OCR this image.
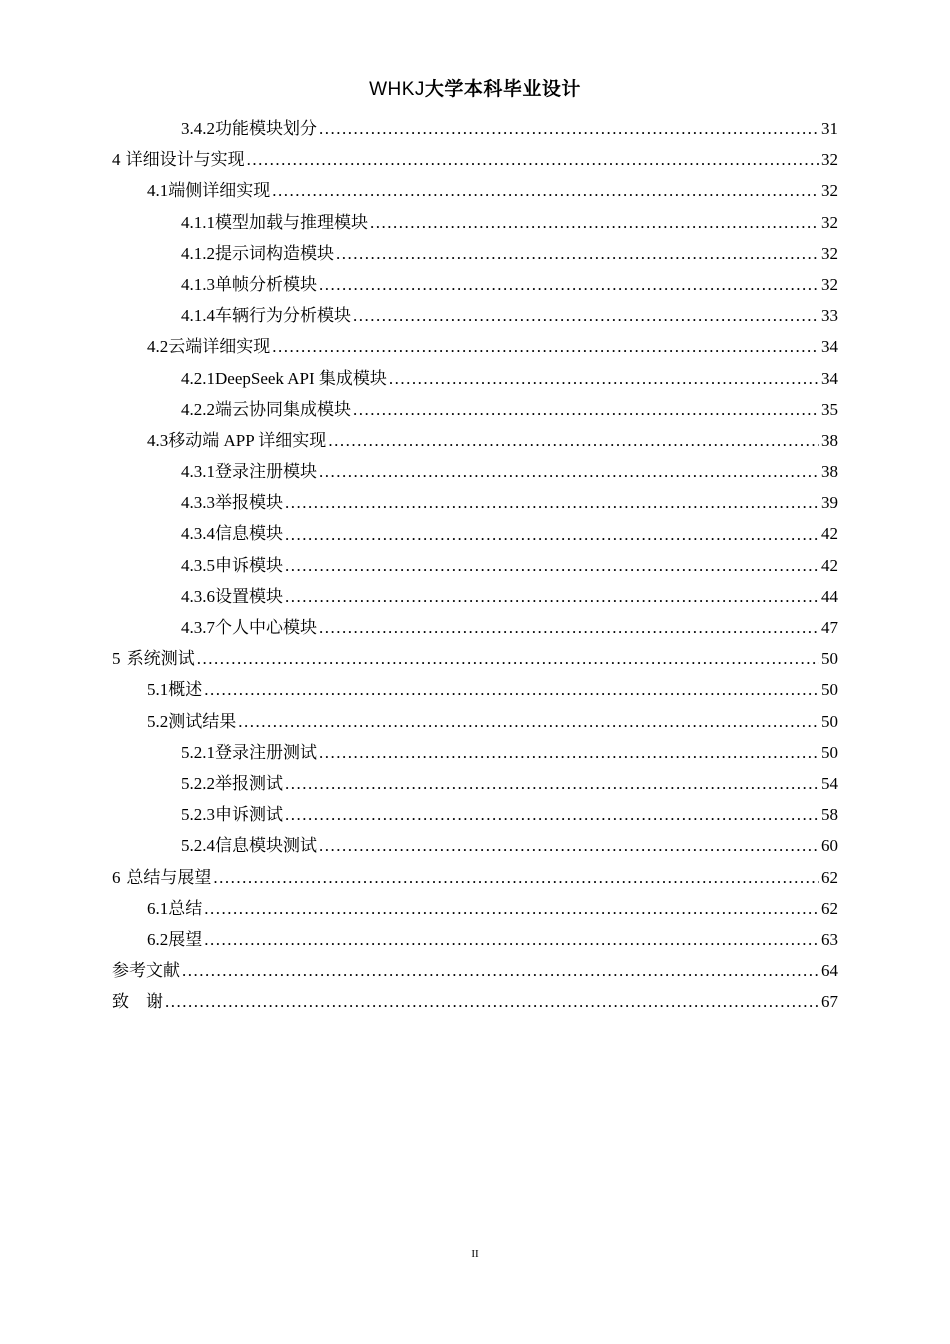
WHKJ大学本科毕业设计
3.4.2 功能模块划分 .....	31
4 详细设计与实现 .....	32
4.1 端侧详细实现 .....	32
4.1.1 模型加载与推理模块 .....	32
4.1.2 提示词构造模块 .....	32
4.1.3 单帧分析模块 .....	32
4.1.4 车辆行为分析模块 .....	33
4.2 云端详细实现 .....	34
4.2.1 DeepSeek API 集成模块 .....	34
4.2.2 端云协同集成模块 .....	35
4.3 移动端 APP 详细实现 .....	38
4.3.1 登录注册模块 .....	38
4.3.3 举报模块 .....	39
4.3.4 信息模块 .....	42
4.3.5 申诉模块 .....	42
4.3.6 设置模块 .....	44
4.3.7 个人中心模块 .....	47
5 系统测试 .....	50
5.1 概述 .....	50
5.2 测试结果 .....	50
5.2.1 登录注册测试 .....	50
5.2.2 举报测试 .....	54
5.2.3 申诉测试 .....	58
5.2.4 信息模块测试 .....	60
6 总结与展望 .....	62
6.1 总结 .....	62
6.2 展望 .....	63
参考文献 .....	64
致　谢 .....	67
II
